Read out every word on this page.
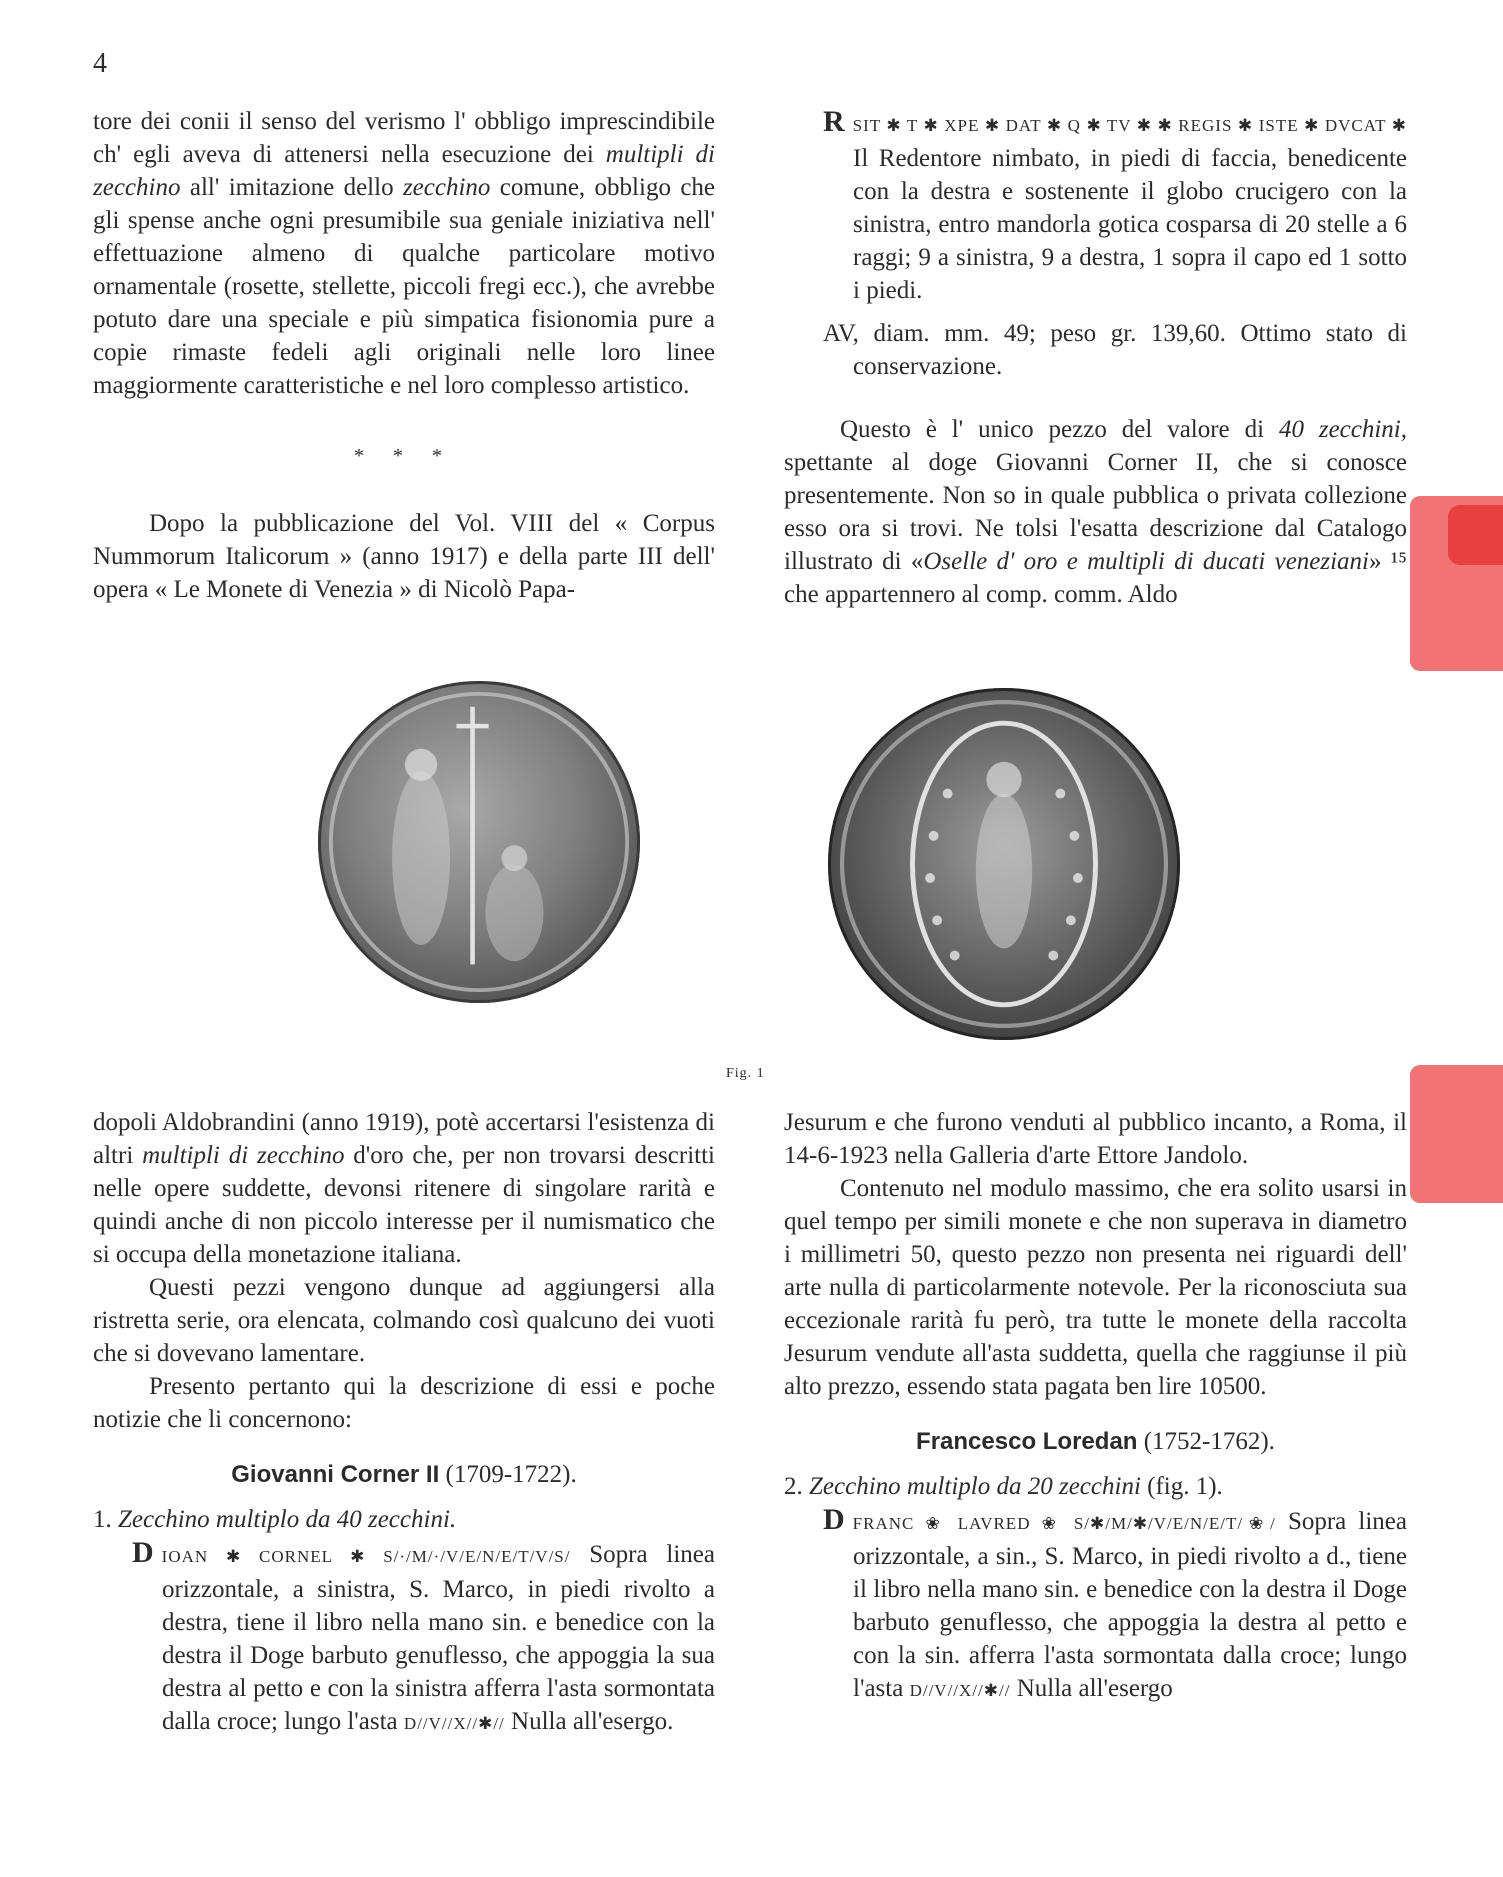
4

tore dei conii il senso del verismo l' obbligo imprescindibile ch' egli aveva di attenersi nella esecuzione dei multipli di zecchino all' imitazione dello zecchino comune, obbligo che gli spense anche ogni presumibile sua geniale iniziativa nell' effettuazione almeno di qualche particolare motivo ornamentale (rosette, stellette, piccoli fregi ecc.), che avrebbe potuto dare una speciale e più simpatica fisionomia pure a copie rimaste fedeli agli originali nelle loro linee maggiormente caratteristiche e nel loro complesso artistico.

* * *

Dopo la pubblicazione del Vol. VIII del « Corpus Nummorum Italicorum » (anno 1917) e della parte III dell' opera « Le Monete di Venezia » di Nicolò Papa-

RSIT ✱ T ✱ XPE ✱ DAT ✱ Q ✱ TV ✱ ✱ REGIS ✱ ISTE ✱ DVCAT ✱ Il Redentore nimbato, in piedi di faccia, benedicente con la destra e sostenente il globo crucigero con la sinistra, entro mandorla gotica cosparsa di 20 stelle a 6 raggi; 9 a sinistra, 9 a destra, 1 sopra il capo ed 1 sotto i piedi.

AV, diam. mm. 49; peso gr. 139,60. Ottimo stato di conservazione.

Questo è l' unico pezzo del valore di 40 zecchini, spettante al doge Giovanni Corner II, che si conosce presentemente. Non so in quale pubblica o privata collezione esso ora si trovi. Ne tolsi l'esatta descrizione dal Catalogo illustrato di «Oselle d' oro e multipli di ducati veneziani» ¹⁵ che appartennero al comp. comm. Aldo

Fig. 1

dopoli Aldobrandini (anno 1919), potè accertarsi l'esistenza di altri multipli di zecchino d'oro che, per non trovarsi descritti nelle opere suddette, devonsi ritenere di singolare rarità e quindi anche di non piccolo interesse per il numismatico che si occupa della monetazione italiana.

Questi pezzi vengono dunque ad aggiungersi alla ristretta serie, ora elencata, colmando così qualcuno dei vuoti che si dovevano lamentare.

Presento pertanto qui la descrizione di essi e poche notizie che li concernono:

Giovanni Corner II (1709-1722).

1. Zecchino multiplo da 40 zecchini.

DIOAN ✱ CORNEL ✱ S/·/M/·/V/E/N/E/T/V/S/ Sopra linea orizzontale, a sinistra, S. Marco, in piedi rivolto a destra, tiene il libro nella mano sin. e benedice con la destra il Doge barbuto genuflesso, che appoggia la sua destra al petto e con la sinistra afferra l'asta sormontata dalla croce; lungo l'asta D//V//X//✱// Nulla all'esergo.

Jesurum e che furono venduti al pubblico incanto, a Roma, il 14-6-1923 nella Galleria d'arte Ettore Jandolo.

Contenuto nel modulo massimo, che era solito usarsi in quel tempo per simili monete e che non superava in diametro i millimetri 50, questo pezzo non presenta nei riguardi dell' arte nulla di particolarmente notevole. Per la riconosciuta sua eccezionale rarità fu però, tra tutte le monete della raccolta Jesurum vendute all'asta suddetta, quella che raggiunse il più alto prezzo, essendo stata pagata ben lire 10500.

Francesco Loredan (1752-1762).

2. Zecchino multiplo da 20 zecchini (fig. 1).

DFRANC ❀ LAVRED ❀ S/✱/M/✱/V/E/N/E/T/❀/ Sopra linea orizzontale, a sin., S. Marco, in piedi rivolto a d., tiene il libro nella mano sin. e benedice con la destra il Doge barbuto genuflesso, che appoggia la destra al petto e con la sin. afferra l'asta sormontata dalla croce; lungo l'asta D//V//X//✱// Nulla all'esergo
